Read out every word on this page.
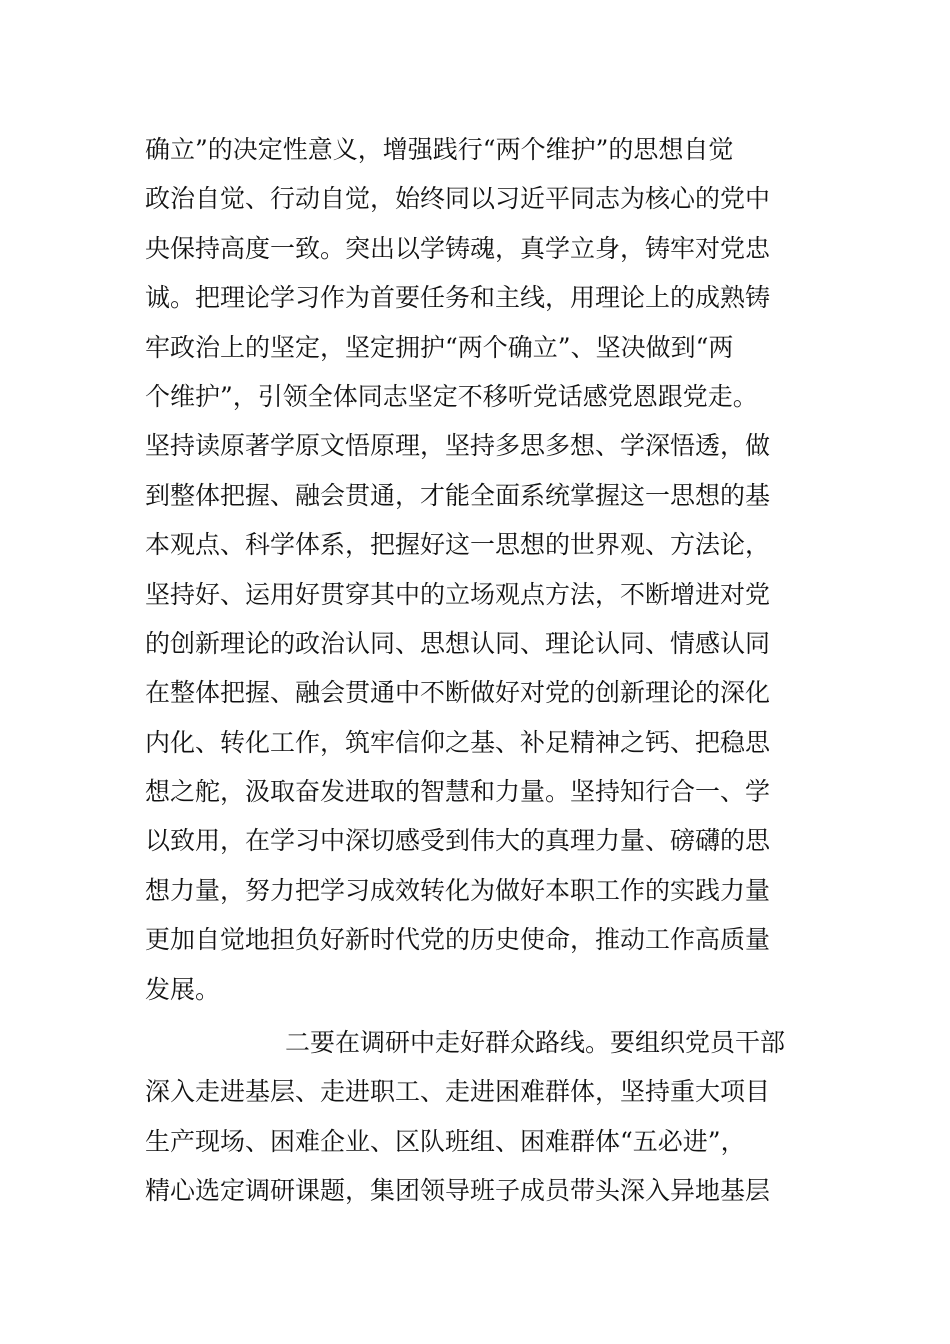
确立”的决定性意义，增强践行“两个维护”的思想自觉
政治自觉、行动自觉，始终同以习近平同志为核心的党中
央保持高度一致。突出以学铸魂，真学立身，铸牢对党忠
诚。把理论学习作为首要任务和主线，用理论上的成熟铸
牢政治上的坚定，坚定拥护“两个确立”、坚决做到“两
个维护”，引领全体同志坚定不移听党话感党恩跟党走。
坚持读原著学原文悟原理，坚持多思多想、学深悟透，做
到整体把握、融会贯通，才能全面系统掌握这一思想的基
本观点、科学体系，把握好这一思想的世界观、方法论，
坚持好、运用好贯穿其中的立场观点方法，不断增进对党
的创新理论的政治认同、思想认同、理论认同、情感认同
在整体把握、融会贯通中不断做好对党的创新理论的深化
内化、转化工作，筑牢信仰之基、补足精神之钙、把稳思
想之舵，汲取奋发进取的智慧和力量。坚持知行合一、学
以致用，在学习中深切感受到伟大的真理力量、磅礴的思
想力量，努力把学习成效转化为做好本职工作的实践力量
更加自觉地担负好新时代党的历史使命，推动工作高质量
发展。
二要在调研中走好群众路线。要组织党员干部
深入走进基层、走进职工、走进困难群体，坚持重大项目
生产现场、困难企业、区队班组、困难群体“五必进”，
精心选定调研课题，集团领导班子成员带头深入异地基层
